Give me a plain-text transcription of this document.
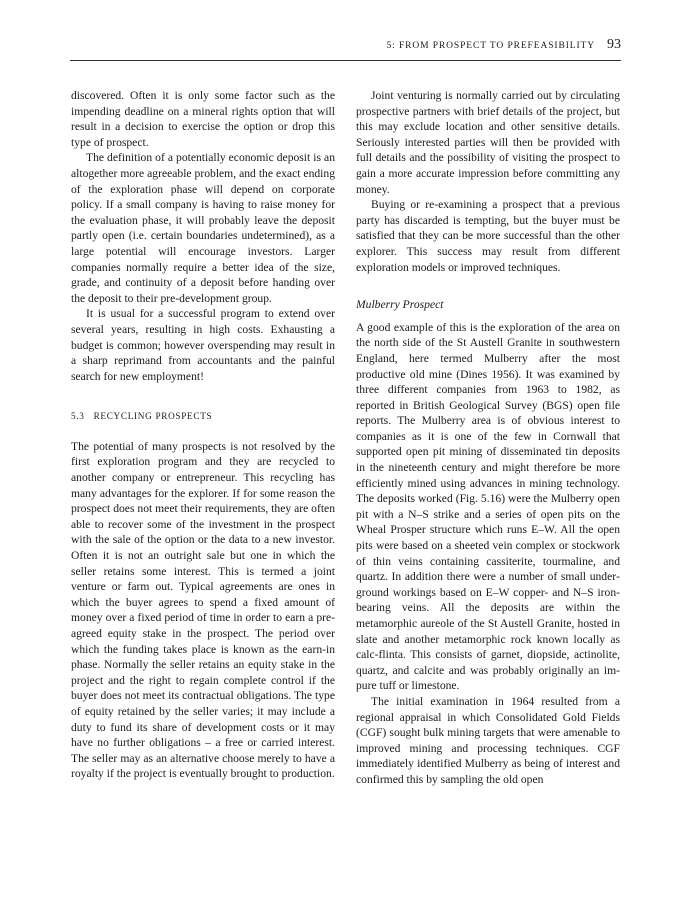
5: FROM PROSPECT TO PREFEASIBILITY 93

discovered. Often it is only some factor such as the impending deadline on a mineral rights option that will result in a decision to exercise the option or drop this type of prospect.

The definition of a potentially economic deposit is an altogether more agreeable problem, and the exact ending of the exploration phase will depend on corporate policy. If a small company is having to raise money for the evaluation phase, it will probably leave the deposit partly open (i.e. certain boundaries undetermined), as a large potential will encourage investors. Larger companies normally require a better idea of the size, grade, and continuity of a deposit before handing over the deposit to their pre-development group.

It is usual for a successful program to extend over several years, resulting in high costs. Exhausting a budget is common; however overspending may result in a sharp reprimand from accountants and the painful search for new employment!

5.3 RECYCLING PROSPECTS

The potential of many prospects is not resolved by the first exploration program and they are recycled to another company or entrepreneur. This recycling has many advantages for the explorer. If for some reason the prospect does not meet their requirements, they are often able to recover some of the investment in the prospect with the sale of the option or the data to a new investor. Often it is not an outright sale but one in which the seller retains some interest. This is termed a joint venture or farm out. Typical agreements are ones in which the buyer agrees to spend a fixed amount of money over a fixed period of time in order to earn a preagreed equity stake in the prospect. The period over which the funding takes place is known as the earn-in phase. Normally the seller retains an equity stake in the project and the right to regain complete control if the buyer does not meet its contractual obligations. The type of equity retained by the seller varies; it may include a duty to fund its share of development costs or it may have no further obligations – a free or carried interest. The seller may as an alternative choose merely to have a royalty if the project is eventually brought to production.

Joint venturing is normally carried out by circulating prospective partners with brief details of the project, but this may exclude location and other sensitive details. Seriously interested parties will then be provided with full details and the possibility of visiting the prospect to gain a more accurate impression before committing any money.

Buying or re-examining a prospect that a previous party has discarded is tempting, but the buyer must be satisfied that they can be more successful than the other explorer. This success may result from different exploration models or improved techniques.

Mulberry Prospect

A good example of this is the exploration of the area on the north side of the St Austell Granite in southwestern England, here termed Mulberry after the most productive old mine (Dines 1956). It was examined by three different companies from 1963 to 1982, as reported in British Geological Survey (BGS) open file reports. The Mulberry area is of obvious interest to companies as it is one of the few in Cornwall that supported open pit mining of disseminated tin deposits in the nineteenth century and might therefore be more efficiently mined using advances in mining technology. The deposits worked (Fig. 5.16) were the Mulberry open pit with a N–S strike and a series of open pits on the Wheal Prosper structure which runs E–W. All the open pits were based on a sheeted vein complex or stockwork of thin veins containing cassiterite, tourmaline, and quartz. In addition there were a number of small underground workings based on E–W copper- and N–S iron-bearing veins. All the deposits are within the metamorphic aureole of the St Austell Granite, hosted in slate and another metamorphic rock known locally as calc-flinta. This consists of garnet, diopside, actinolite, quartz, and calcite and was probably originally an impure tuff or limestone.

The initial examination in 1964 resulted from a regional appraisal in which Consolidated Gold Fields (CGF) sought bulk mining targets that were amenable to improved mining and processing techniques. CGF immediately identified Mulberry as being of interest and confirmed this by sampling the old open
